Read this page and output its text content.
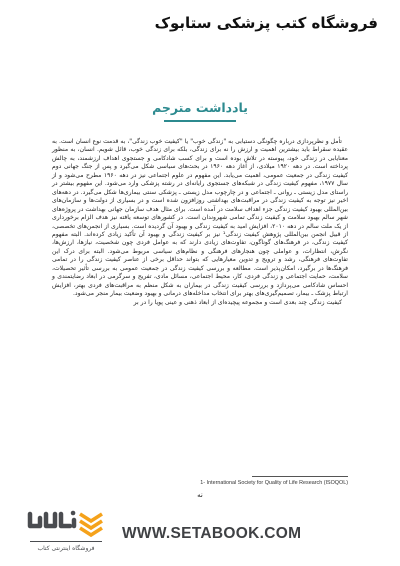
فروشگاه کتب پزشکی ستابوک
یادداشت مترجم

تأمل و نظرپردازی درباره چگونگی دستیابی به "زندگی خوب" یا "کیفیت خوب زندگی"، به قدمت نوع انسان است. به عقیده سقراط باید بیشترین اهمیت و ارزش را نه برای زندگی، بلکه برای زندگی خوب، قائل شویم. انسان، به منظور معنایابی در زندگی خود، پیوسته در تلاش بوده است و برای کسب شادکامی و جستجوی اهداف ارزشمند، به چالش پرداخته است. در دهه ۱۹۲۰ میلادی، از آغاز دهه ۱۹۶۰ در بحث‌های سیاسی شکل می‌گیرد و پس از جنگ جهانی دوم کیفیت زندگی در جمعیت عمومی، اهمیت می‌یابد. این مفهوم در علوم اجتماعی نیز در دهه ۱۹۶۰ مطرح می‌شود و از سال ۱۹۷۷، مفهوم کیفیت زندگی در شبکه‌های جستجوی رایانه‌ای در رشته پزشکی وارد می‌شود. این مفهوم بیشتر در راستای مدل زیستی ـ روانی ـ اجتماعی و در چارچوب مدل زیستی ـ پزشکی سنتی بیماری‌ها شکل می‌گیرد. در دهه‌های اخیر نیز توجه به کیفیت زندگی در مراقبت‌های بهداشتی روزافزون شده است و در بسیاری از دولت‌ها و سازمان‌های بین‌المللی بهبود کیفیت زندگی جزء اهداف سلامت در آمده است. برای مثال هدف سازمان جهانی بهداشت در پروژه‌های شهر سالم بهبود سلامت و کیفیت زندگی تمامی شهروندان است. در کشورهای توسعه یافته نیز هدف الزام برخورداری از یک ملت سالم در دهه ۲۰۱۰، افزایش امید به کیفیت زندگی و بهبود آن گردیده است. بسیاری از انجمن‌های تخصصی، از قبیل انجمن بین‌المللی پژوهش کیفیت زندگی¹ نیز بر کیفیت زندگی و بهبود آن تأکید زیادی کرده‌اند. البته مفهوم کیفیت زندگی، در فرهنگ‌های گوناگون، تفاوت‌های زیادی دارند که به عوامل فردی چون شخصیت، نیازها، ارزش‌ها، نگرش، انتظارات، و عواملی چون هنجارهای فرهنگی و نظام‌های سیاسی مربوط می‌شود. البته برای درک این تفاوت‌های فرهنگی، رشد و ترویج و تدوین معیارهایی که بتواند حداقل برخی از عناصر کیفیت زندگی را در تمامی فرهنگ‌ها در برگیرد، امکان‌پذیر است. مطالعه و بررسی کیفیت زندگی در جمعیت عمومی به بررسی تأثیر تحصیلات، سلامت، حمایت اجتماعی و زندگی فردی، کار، محیط اجتماعی، مسائل مادی، تفریح و سرگرمی در ابعاد رضایتمندی و احساس شادکامی می‌پردازد و بررسی کیفیت زندگی در بیماران به شکل منظم به مراقبت‌های فردی بهتر، افزایش ارتباط پزشک ـ بیمار، تصمیم‌گیری‌های بهتر برای انتخاب مداخله‌های درمانی و بهبود وضعیت بیمار منجر می‌شود.

کیفیت زندگی چند بعدی است و مجموعه پیچیده‌ای از ابعاد ذهنی و عینی پویا را در بر

1- International Society for Quality of Life Research (ISOQOL)
نه
فروشگاه اینترنتی کتاب
WWW.SETABOOK.COM
